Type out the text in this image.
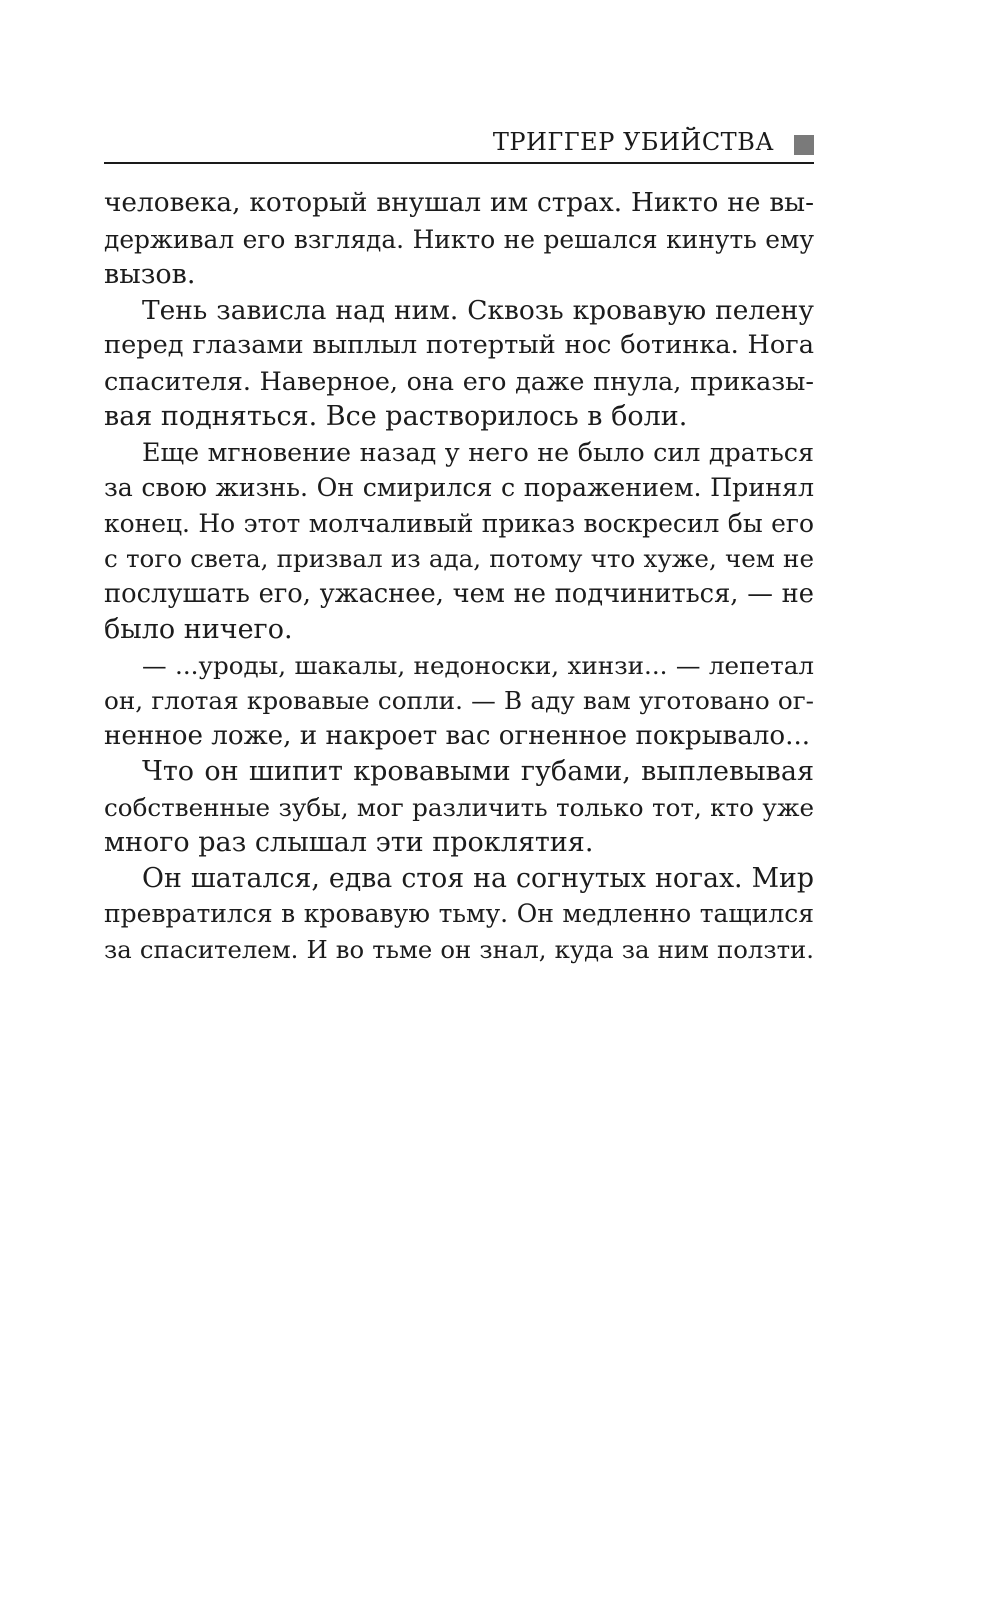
ТРИГГЕР УБИЙСТВА

человека, который внушал им страх. Никто не вы-
держивал его взгляда. Никто не решался кинуть ему
вызов.

Тень зависла над ним. Сквозь кровавую пелену
перед глазами выплыл потертый нос ботинка. Нога
спасителя. Наверное, она его даже пнула, приказы-
вая подняться. Все растворилось в боли.

Еще мгновение назад у него не было сил драться
за свою жизнь. Он смирился с поражением. Принял
конец. Но этот молчаливый приказ воскресил бы его
с того света, призвал из ада, потому что хуже, чем не
послушать его, ужаснее, чем не подчиниться, — не
было ничего.

— ...уроды, шакалы, недоноски, хинзи... — лепетал
он, глотая кровавые сопли. — В аду вам уготовано ог-
ненное ложе, и накроет вас огненное покрывало...

Что он шипит кровавыми губами, выплевывая
собственные зубы, мог различить только тот, кто уже
много раз слышал эти проклятия.

Он шатался, едва стоя на согнутых ногах. Мир
превратился в кровавую тьму. Он медленно тащился
за спасителем. И во тьме он знал, куда за ним ползти.
